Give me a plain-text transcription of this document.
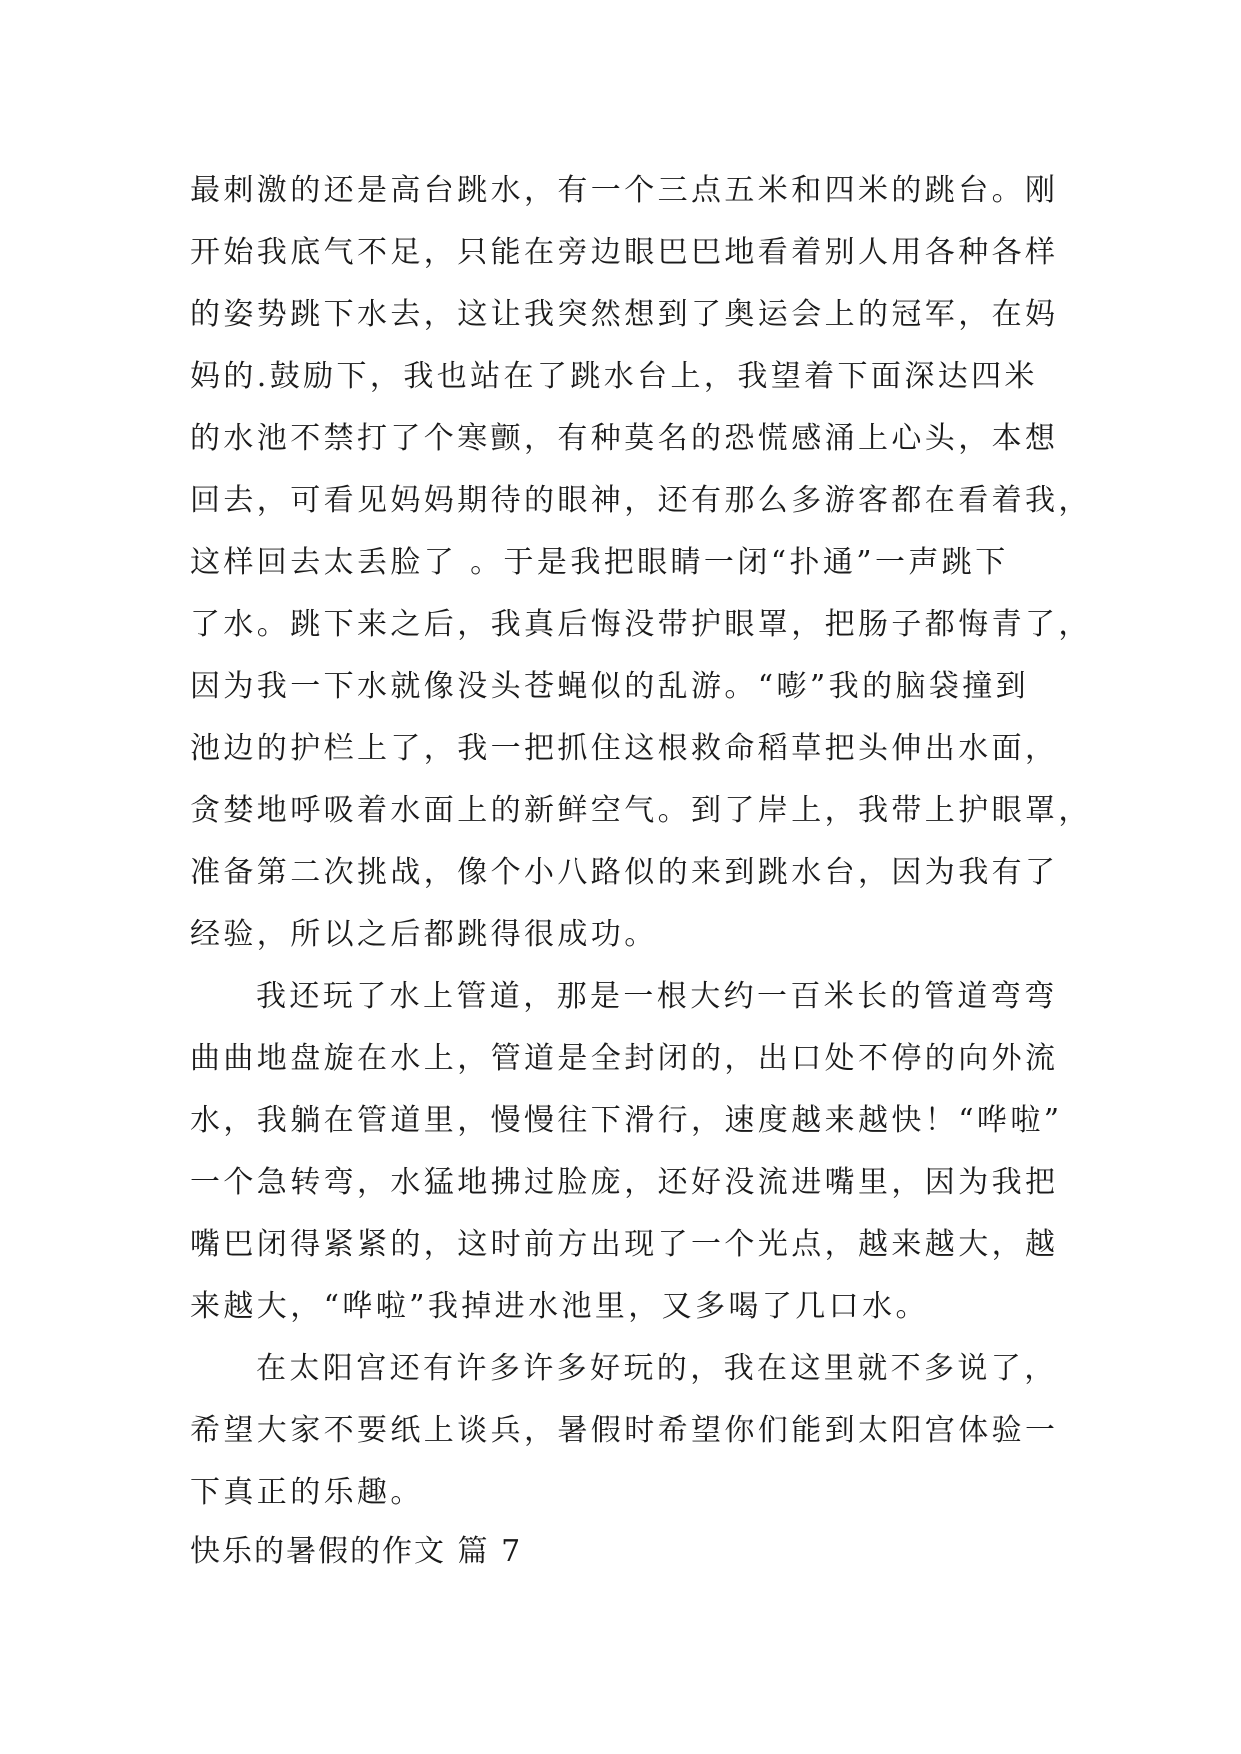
最刺激的还是高台跳水，有一个三点五米和四米的跳台。刚
开始我底气不足，只能在旁边眼巴巴地看着别人用各种各样
的姿势跳下水去，这让我突然想到了奥运会上的冠军，在妈
妈的.鼓励下，我也站在了跳水台上，我望着下面深达四米
的水池不禁打了个寒颤，有种莫名的恐慌感涌上心头，本想
回去，可看见妈妈期待的眼神，还有那么多游客都在看着我，
这样回去太丢脸了 。于是我把眼睛一闭“扑通”一声跳下
了水。跳下来之后，我真后悔没带护眼罩，把肠子都悔青了，
因为我一下水就像没头苍蝇似的乱游。“嘭”我的脑袋撞到
池边的护栏上了，我一把抓住这根救命稻草把头伸出水面，
贪婪地呼吸着水面上的新鲜空气。到了岸上，我带上护眼罩，
准备第二次挑战，像个小八路似的来到跳水台，因为我有了
经验，所以之后都跳得很成功。
我还玩了水上管道，那是一根大约一百米长的管道弯弯
曲曲地盘旋在水上，管道是全封闭的，出口处不停的向外流
水，我躺在管道里，慢慢往下滑行，速度越来越快！“哗啦”
一个急转弯，水猛地拂过脸庞，还好没流进嘴里，因为我把
嘴巴闭得紧紧的，这时前方出现了一个光点，越来越大，越
来越大，“哗啦”我掉进水池里，又多喝了几口水。
在太阳宫还有许多许多好玩的，我在这里就不多说了，
希望大家不要纸上谈兵，暑假时希望你们能到太阳宫体验一
下真正的乐趣。
快乐的暑假的作文 篇 7
